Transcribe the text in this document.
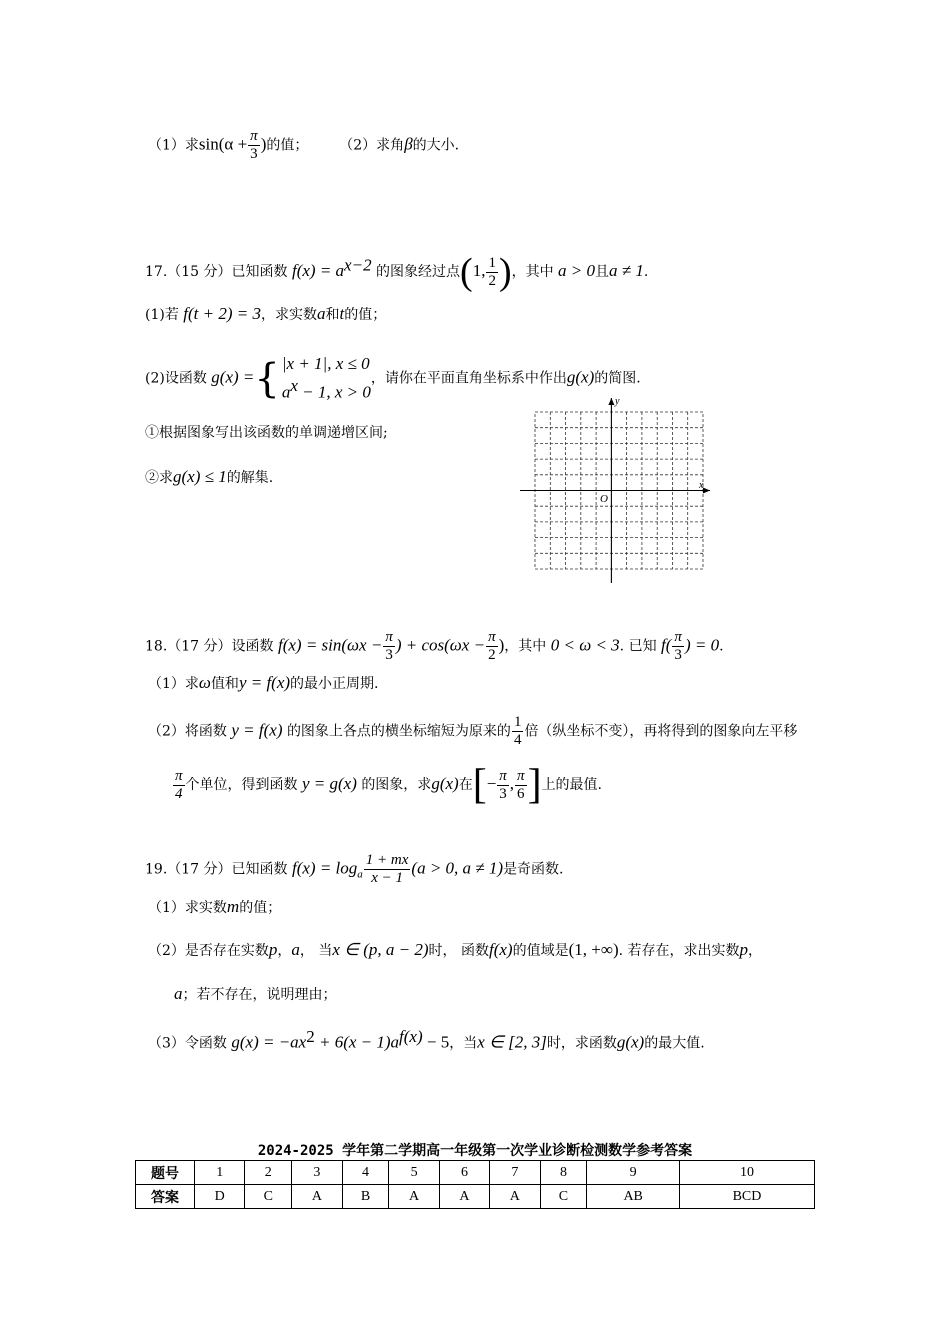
（1）求$\sin(\alpha + \frac{\pi}{3}$ )的值； （2）求角β的大小.
17.（15 分）已知函数 $f(x) = a^{x-2}$ 的图象经过点(1, $\frac{1}{2}$ )，其中 a > 0且a ≠ 1.
(1)若 f(t + 2) = 3，求实数a和t的值；
(2)设函数 g(x) ={ |x + 1|, x ≤ 0
$a^x - 1$, x > 0
，请你在平面直角坐标系中作出g(x)的简图.
①根据图象写出该函数的单调递增区间;
②求g(x) ≤ 1的解集.	x
y
O
18.（17 分）设函数 $f(x) = \sin(\omega x - \frac{\pi}{3}$ ) + $\cos(\omega x - \frac{\pi}{2}$ )，其中 0 < ω < 3. 已知 $f( \frac{\pi}{3}$ ) = 0.
（1）求ω值和y = f(x)的最小正周期.
（2）将函数 y = f(x) 的图象上各点的横坐标缩短为原来的 $\frac{1}{4}$ 倍（纵坐标不变），再将得到的图象向左平移
$\frac{\pi}{4}$ 个单位，得到函数 y = g(x) 的图象，求g(x)在[− $\frac{\pi}{3}$ , $\frac{\pi}{6}$ ]上的最值.
19.（17 分）已知函数 $f(x) = \log_a \frac{1 + mx}{x - 1} (a > 0$, a ≠ 1)是奇函数.
（1）求实数m的值；
（2）是否存在实数p，a， 当x ∈ (p, a − 2)时， 函数f(x)的值域是(1, +∞). 若存在，求出实数p，
a；若不存在，说明理由；
（3）令函数 $g(x) = -ax^2 + 6(x - 1)a^{f(x)} - 5$，当x ∈ [2, 3]时，求函数g(x)的最大值.
2024-2025 学年第二学期高一年级第一次学业诊断检测数学参考答案
题号	1	2	3	4	5	6	7	8	9	10
答案	D	C	A	B	A	A	A	C	AB	BCD
